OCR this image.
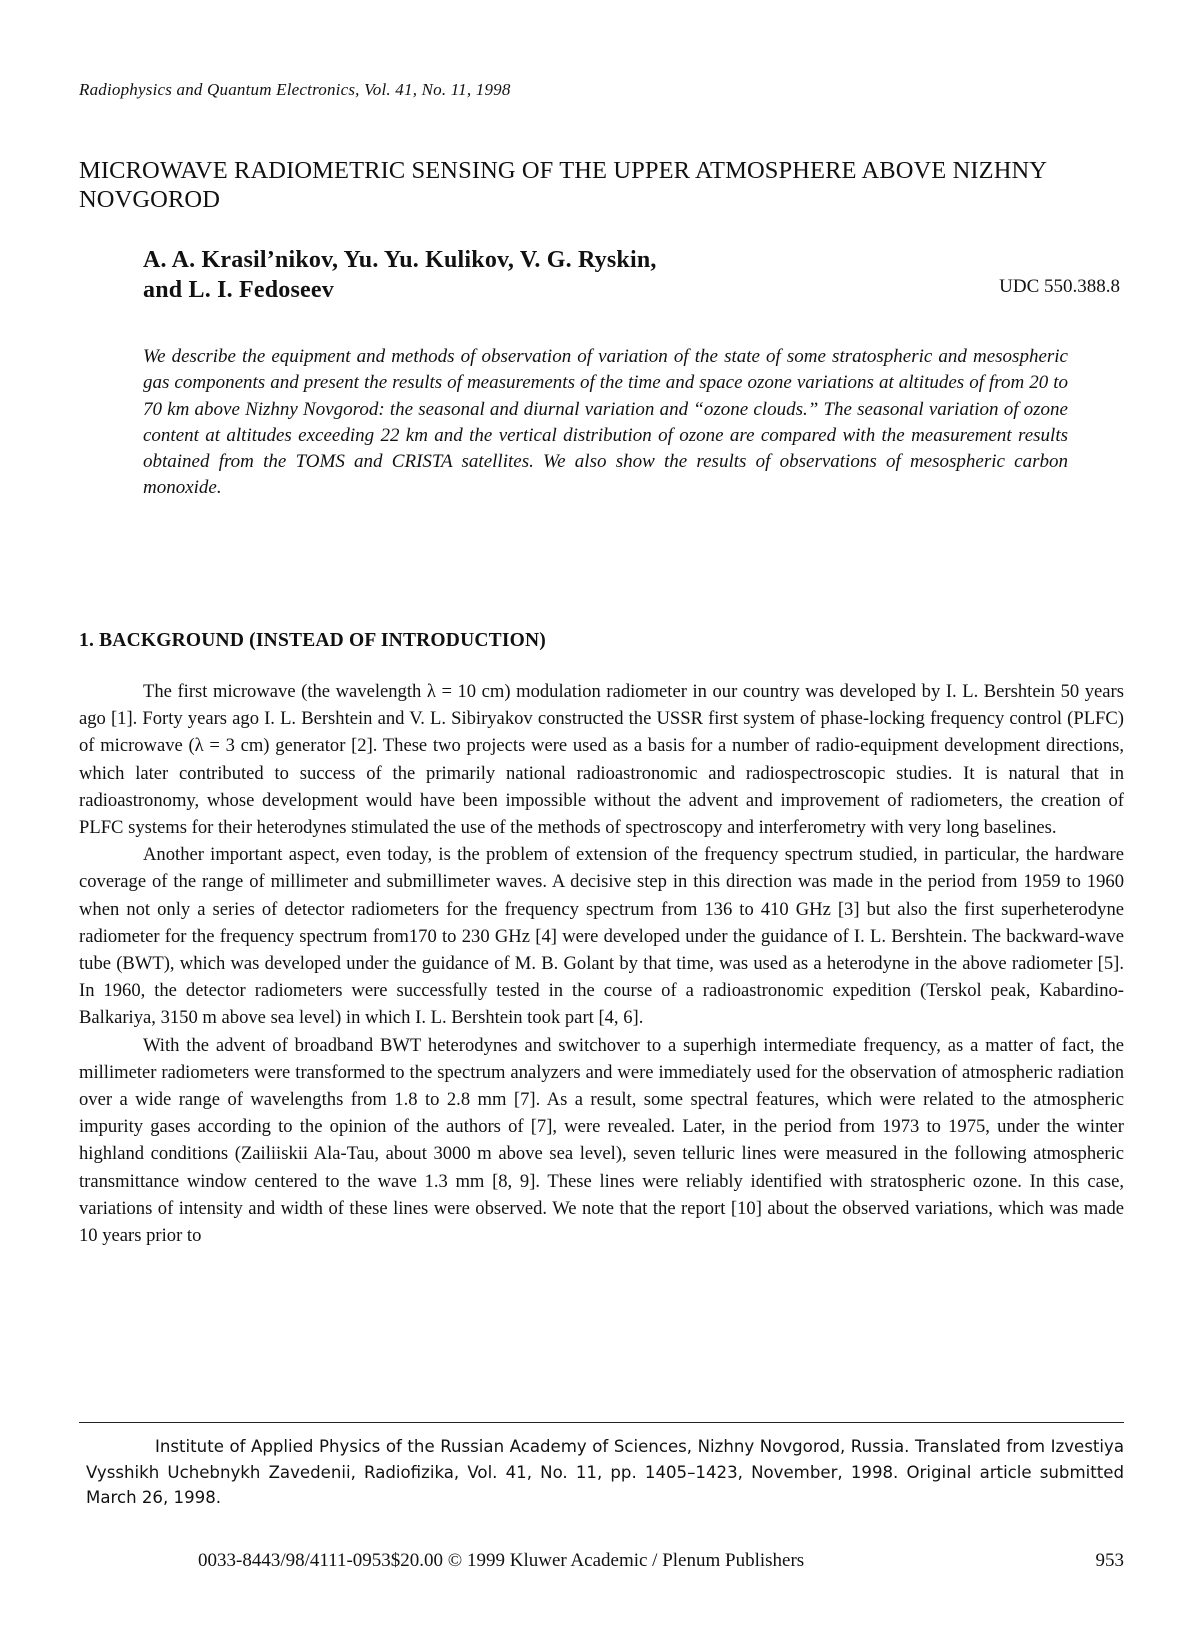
Radiophysics and Quantum Electronics, Vol. 41, No. 11, 1998
MICROWAVE RADIOMETRIC SENSING OF THE UPPER ATMOSPHERE ABOVE NIZHNY NOVGOROD
A. A. Krasil’nikov, Yu. Yu. Kulikov, V. G. Ryskin,
and L. I. Fedoseev	UDC 550.388.8

We describe the equipment and methods of observation of variation of the state of some stratospheric and mesospheric gas components and present the results of measurements of the time and space ozone variations at altitudes of from 20 to 70 km above Nizhny Novgorod: the seasonal and diurnal variation and “ozone clouds.” The seasonal variation of ozone content at altitudes exceeding 22 km and the vertical distribution of ozone are compared with the measurement results obtained from the TOMS and CRISTA satellites. We also show the results of observations of mesospheric carbon monoxide.

1. BACKGROUND (INSTEAD OF INTRODUCTION)

The first microwave (the wavelength λ = 10 cm) modulation radiometer in our country was developed by I. L. Bershtein 50 years ago [1]. Forty years ago I. L. Bershtein and V. L. Sibiryakov constructed the USSR first system of phase-locking frequency control (PLFC) of microwave (λ = 3 cm) generator [2]. These two projects were used as a basis for a number of radio-equipment development directions, which later contributed to success of the primarily national radioastronomic and radiospectroscopic studies. It is natural that in radioastronomy, whose development would have been impossible without the advent and improvement of radiometers, the creation of PLFC systems for their heterodynes stimulated the use of the methods of spectroscopy and interferometry with very long baselines.

Another important aspect, even today, is the problem of extension of the frequency spectrum studied, in particular, the hardware coverage of the range of millimeter and submillimeter waves. A decisive step in this direction was made in the period from 1959 to 1960 when not only a series of detector radiometers for the frequency spectrum from 136 to 410 GHz [3] but also the first superheterodyne radiometer for the frequency spectrum from170 to 230 GHz [4] were developed under the guidance of I. L. Bershtein. The backward-wave tube (BWT), which was developed under the guidance of M. B. Golant by that time, was used as a heterodyne in the above radiometer [5]. In 1960, the detector radiometers were successfully tested in the course of a radioastronomic expedition (Terskol peak, Kabardino-Balkariya, 3150 m above sea level) in which I. L. Bershtein took part [4, 6].

With the advent of broadband BWT heterodynes and switchover to a superhigh intermediate frequency, as a matter of fact, the millimeter radiometers were transformed to the spectrum analyzers and were immediately used for the observation of atmospheric radiation over a wide range of wavelengths from 1.8 to 2.8 mm [7]. As a result, some spectral features, which were related to the atmospheric impurity gases according to the opinion of the authors of [7], were revealed. Later, in the period from 1973 to 1975, under the winter highland conditions (Zailiiskii Ala-Tau, about 3000 m above sea level), seven telluric lines were measured in the following atmospheric transmittance window centered to the wave 1.3 mm [8, 9]. These lines were reliably identified with stratospheric ozone. In this case, variations of intensity and width of these lines were observed. We note that the report [10] about the observed variations, which was made 10 years prior to

Institute of Applied Physics of the Russian Academy of Sciences, Nizhny Novgorod, Russia. Translated from Izvestiya Vysshikh Uchebnykh Zavedenii, Radiofizika, Vol. 41, No. 11, pp. 1405–1423, November, 1998. Original article submitted March 26, 1998.

0033-8443/98/4111-0953$20.00 © 1999 Kluwer Academic / Plenum Publishers	953
